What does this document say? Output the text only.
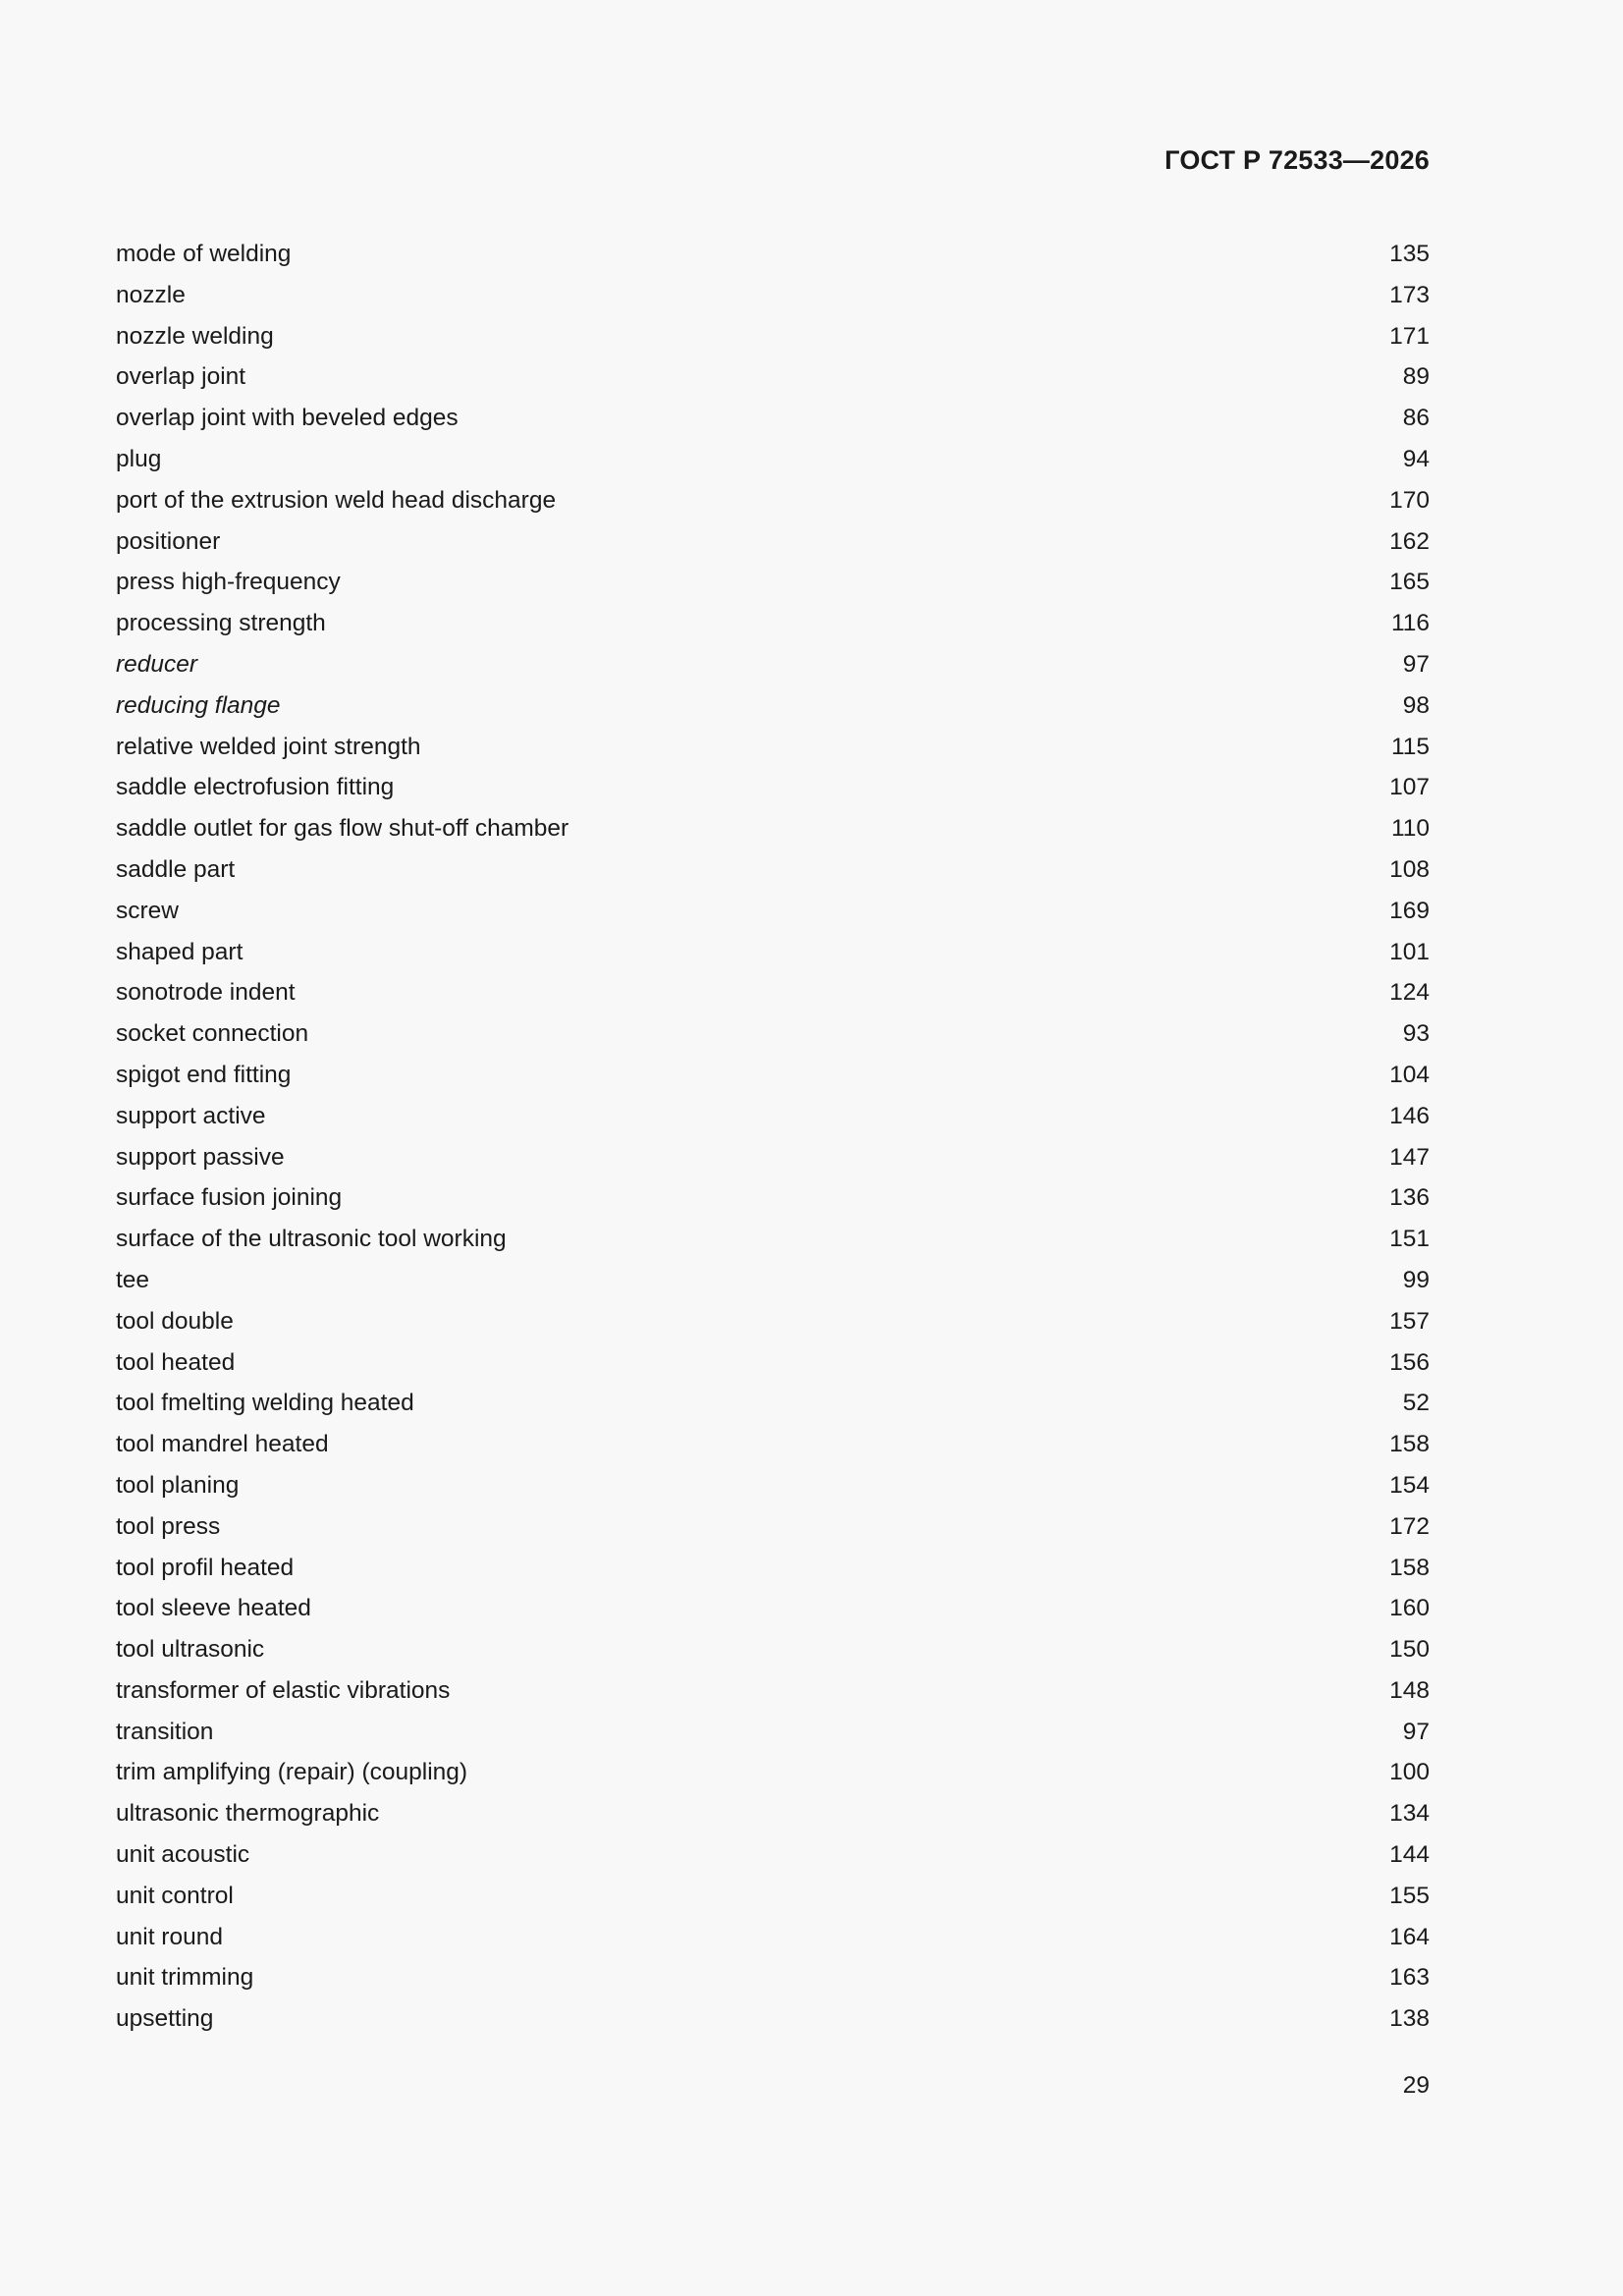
ГОСТ Р 72533—2026
mode of welding	135
nozzle	173
nozzle welding	171
overlap joint	89
overlap joint with beveled edges	86
plug	94
port of the extrusion weld head discharge	170
positioner	162
press high-frequency	165
processing strength	116
reducer	97
reducing flange	98
relative welded joint strength	115
saddle electrofusion fitting	107
saddle outlet for gas flow shut-off chamber	110
saddle part	108
screw	169
shaped part	101
sonotrode indent	124
socket connection	93
spigot end fitting	104
support active	146
support passive	147
surface fusion joining	136
surface of the ultrasonic tool working	151
tee	99
tool double	157
tool heated	156
tool fmelting welding heated	52
tool mandrel heated	158
tool planing	154
tool press	172
tool profil heated	158
tool sleeve heated	160
tool ultrasonic	150
transformer of elastic vibrations	148
transition	97
trim amplifying (repair) (coupling)	100
ultrasonic thermographic	134
unit acoustic	144
unit control	155
unit round	164
unit trimming	163
upsetting	138
29
